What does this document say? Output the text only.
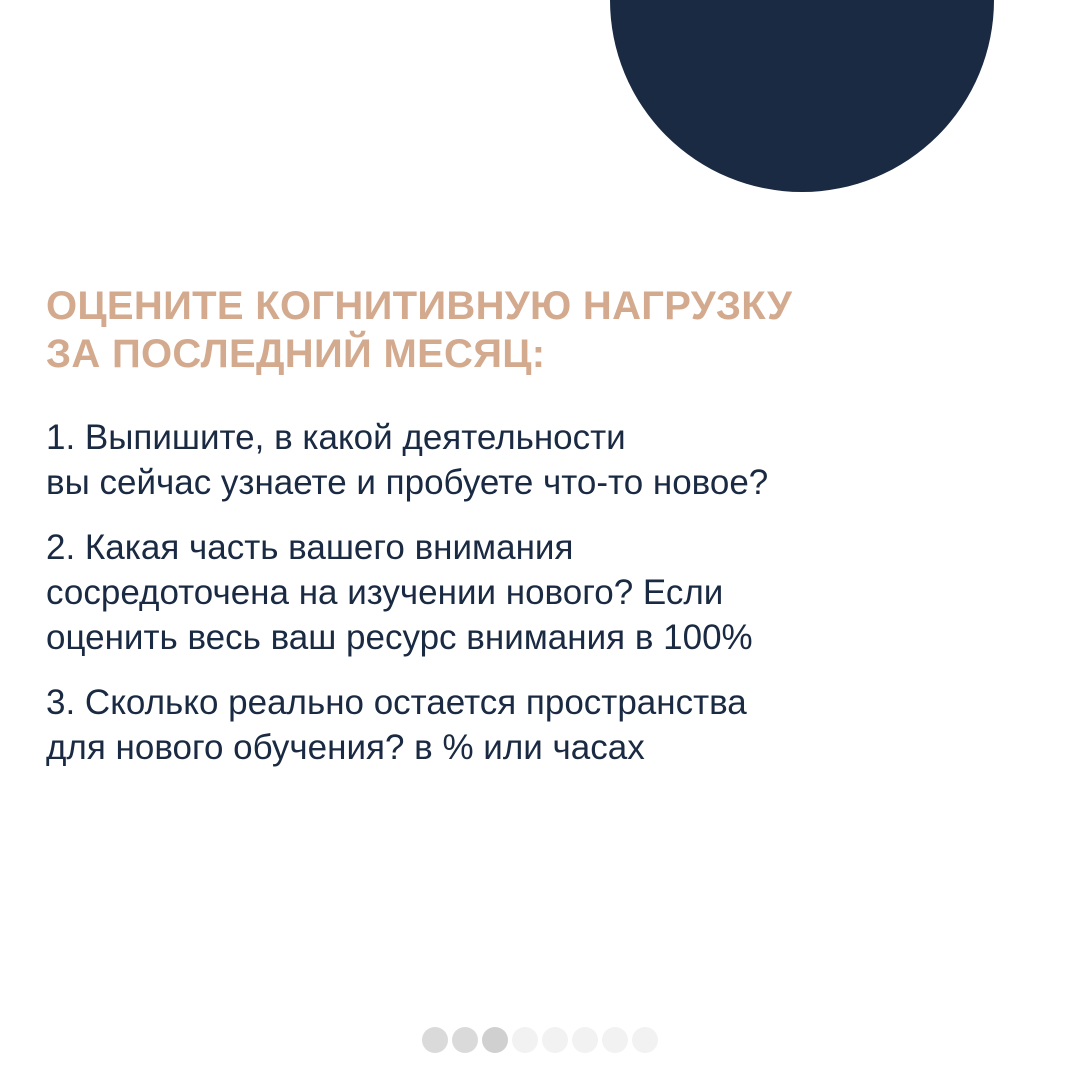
ОЦЕНИТЕ КОГНИТИВНУЮ НАГРУЗКУ
ЗА ПОСЛЕДНИЙ МЕСЯЦ:
1. Выпишите, в какой деятельности
вы сейчас узнаете и пробуете что-то новое?
2. Какая часть вашего внимания
сосредоточена на изучении нового? Если
оценить весь ваш ресурс внимания в 100%
3. Сколько реально остается пространства
для нового обучения? в % или часах
